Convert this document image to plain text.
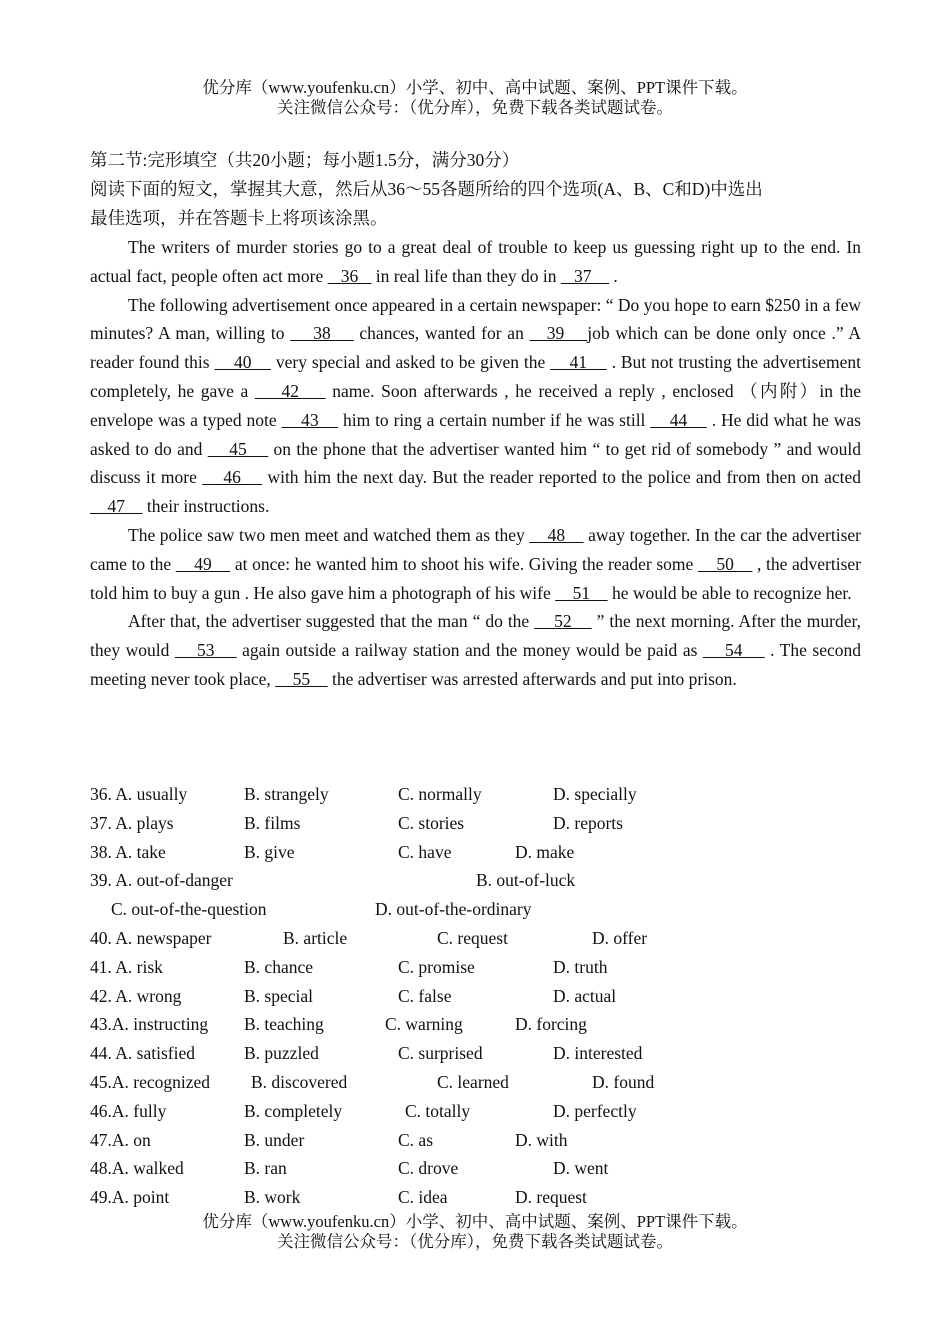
优分库（www.youfenku.cn）小学、初中、高中试题、案例、PPT课件下载。
关注微信公众号：（优分库），免费下载各类试题试卷。
第二节:完形填空（共20小题；每小题1.5分，满分30分）
阅读下面的短文，掌握其大意，然后从36～55各题所给的四个选项(A、B、C和D)中选出
最佳选项，并在答题卡上将项该涂黑。

The writers of murder stories go to a great deal of trouble to keep us guessing right up to the end. In actual fact, people often act more    36    in real life than they do in    37     .

The following advertisement once appeared in a certain newspaper: “ Do you hope to earn $250 in a few minutes? A man, willing to     38     chances, wanted for an    39    job which can be done only once .” A reader found this     40     very special and asked to be given the     41     . But not trusting the advertisement completely, he gave a     42     name. Soon afterwards , he received a reply , enclosed （内附）in the envelope was a typed note     43     him to ring a certain number if he was still     44     . He did what he was asked to do and     45     on the phone that the advertiser wanted him “ to get rid of somebody ” and would discuss it more     46     with him the next day. But the reader reported to the police and from then on acted     47     their instructions.

The police saw two men meet and watched them as they     48     away together. In the car the advertiser came to the     49     at once: he wanted him to shoot his wife. Giving the reader some     50     , the advertiser told him to buy a gun . He also gave him a photograph of his wife     51     he would be able to recognize her.

After that, the advertiser suggested that the man “ do the     52     ” the next morning. After the murder, they would     53     again outside a railway station and the money would be paid as     54     . The second meeting never took place,     55     the advertiser was arrested afterwards and put into prison.

36. A. usually	B. strangely	C. normally	D. specially
37. A. plays	B. films	C. stories	D. reports
38. A. take	B. give	C. have	D. make
39. A. out-of-danger	B. out-of-luck
C. out-of-the-question	D. out-of-the-ordinary
40. A. newspaper	B. article	C. request	D. offer
41. A. risk	B. chance	C. promise	D. truth
42. A. wrong	B. special	C. false	D. actual
43.A. instructing B. teaching	C. warning	D. forcing
44. A. satisfied	B. puzzled	C. surprised	D. interested
45.A. recognized B. discovered	C. learned	D. found
46.A. fully	B. completely	C. totally	D. perfectly
47.A. on	B. under	C. as	D. with
48.A. walked	B. ran	C. drove	D. went
49.A. point	B. work	C. idea	D. request
优分库（www.youfenku.cn）小学、初中、高中试题、案例、PPT课件下载。
关注微信公众号：（优分库），免费下载各类试题试卷。
